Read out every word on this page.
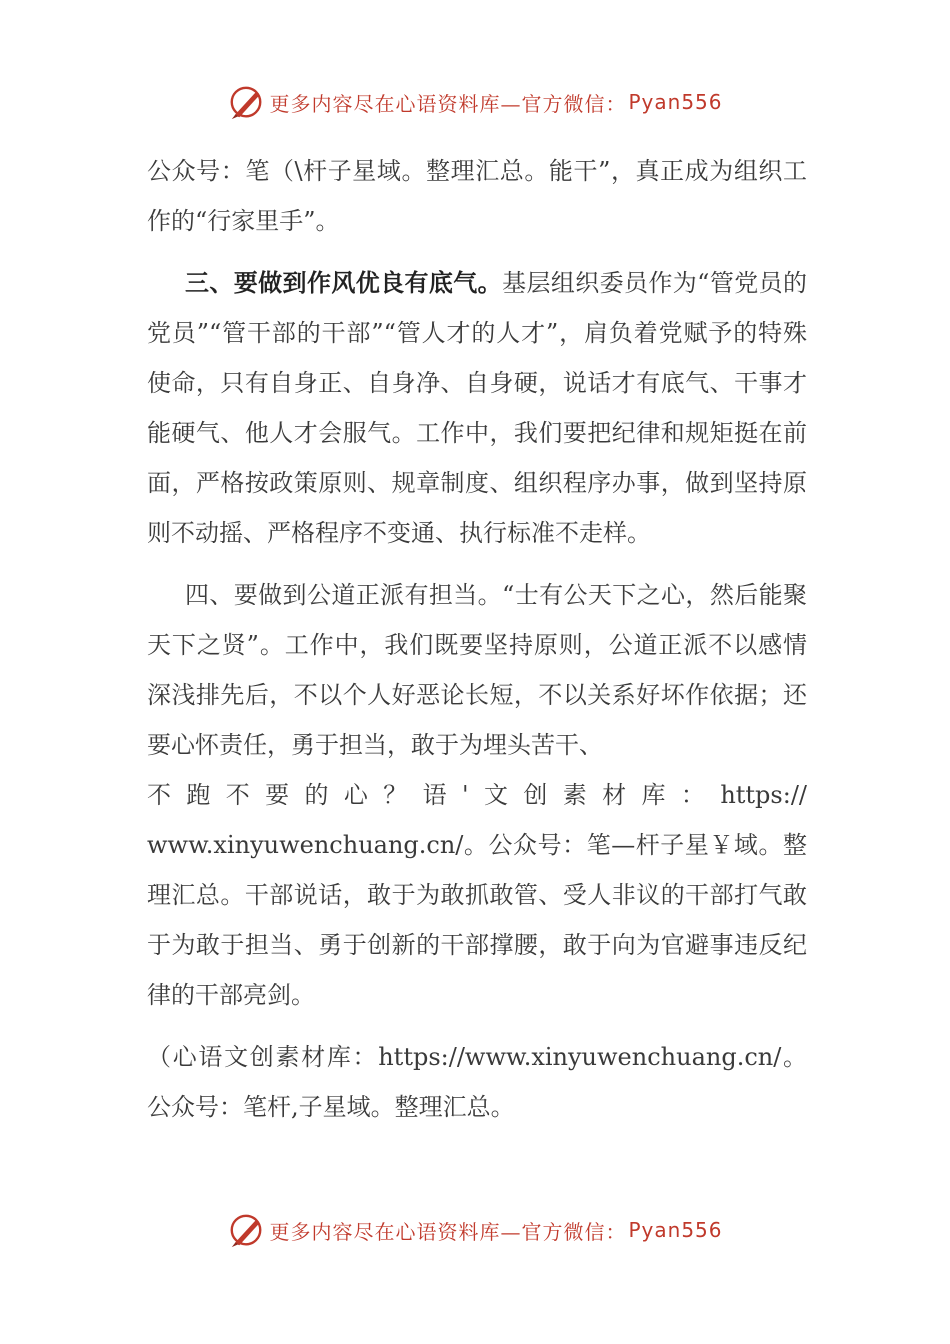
更多内容尽在心语资料库—官方微信： Pyan556

公众号：笔（\杆子星域。整理汇总。能干”，真正成为组织工作的“行家里手”。

三、要做到作风优良有底气。基层组织委员作为“管党员的党员”“管干部的干部”“管人才的人才”，肩负着党赋予的特殊使命，只有自身正、自身净、自身硬，说话才有底气、干事才能硬气、他人才会服气。工作中，我们要把纪律和规矩挺在前面，严格按政策原则、规章制度、组织程序办事，做到坚持原则不动摇、严格程序不变通、执行标准不走样。

四、要做到公道正派有担当。“士有公天下之心，然后能聚天下之贤”。工作中，我们既要坚持原则，公道正派不以感情深浅排先后，不以个人好恶论长短，不以关系好坏作依据；还要心怀责任，勇于担当，敢于为埋头苦干、

不跑不要的心？语'文创素材库：https://

www.xinyuwenchuang.cn/。公众号：笔—杆子星￥域。整理汇总。干部说话，敢于为敢抓敢管、受人非议的干部打气敢于为敢于担当、勇于创新的干部撑腰，敢于向为官避事违反纪律的干部亮剑。

（心语文创素材库：https://www.xinyuwenchuang.cn/。公众号：笔杆,子星域。整理汇总。

更多内容尽在心语资料库—官方微信： Pyan556
